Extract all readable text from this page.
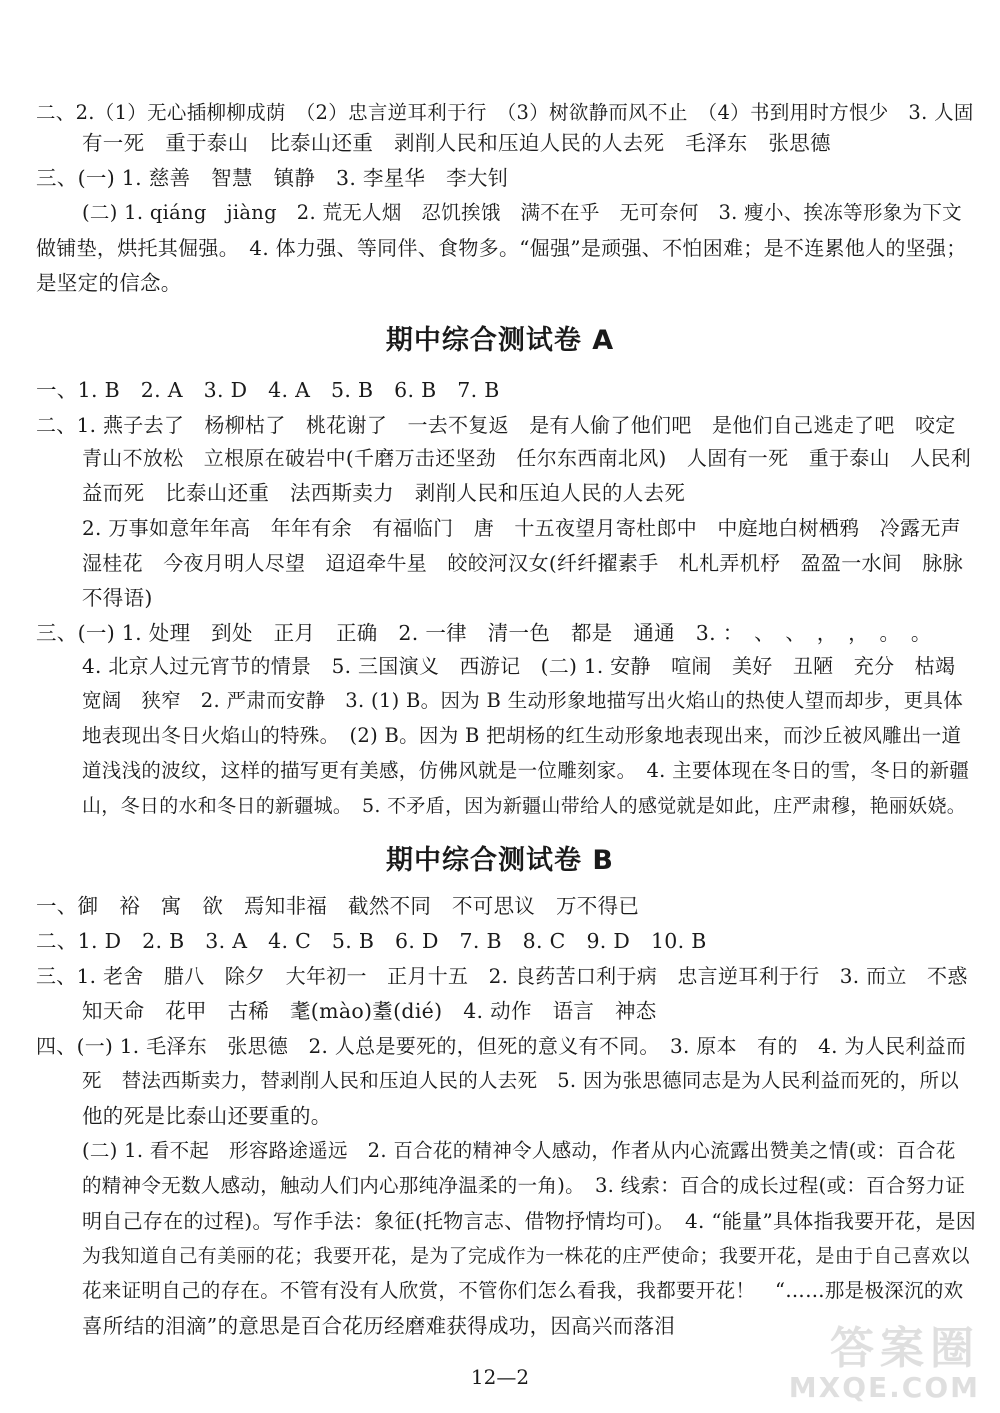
二、2.（1）无心插柳柳成荫　（2）忠言逆耳利于行　（3）树欲静而风不止　（4）书到用时方恨少　3. 人固
有一死　重于泰山　比泰山还重　剥削人民和压迫人民的人去死　毛泽东　张思德
三、(一) 1. 慈善　智慧　镇静　3. 李星华　李大钊
(二) 1. qiáng　jiàng　2. 荒无人烟　忍饥挨饿　满不在乎　无可奈何　3. 瘦小、挨冻等形象为下文
做铺垫，烘托其倔强。　4. 体力强、等同伴、食物多。“倔强”是顽强、不怕困难；是不连累他人的坚强；
是坚定的信念。
期中综合测试卷 A
一、1. B　2. A　3. D　4. A　5. B　6. B　7. B
二、1. 燕子去了　杨柳枯了　桃花谢了　一去不复返　是有人偷了他们吧　是他们自己逃走了吧　咬定
青山不放松　立根原在破岩中(千磨万击还坚劲　任尔东西南北风)　人固有一死　重于泰山　人民利
益而死　比泰山还重　法西斯卖力　剥削人民和压迫人民的人去死
2. 万事如意年年高　年年有余　有福临门　唐　十五夜望月寄杜郎中　中庭地白树栖鸦　冷露无声
湿桂花　今夜月明人尽望　迢迢牵牛星　皎皎河汉女(纤纤擢素手　札札弄机杼　盈盈一水间　脉脉
不得语)
三、(一) 1. 处理　到处　正月　正确　2. 一律　清一色　都是　通通　3. ：　、　、　，　，　。　。
4. 北京人过元宵节的情景　5. 三国演义　西游记　(二) 1. 安静　喧闹　美好　丑陋　充分　枯竭
宽阔　狭窄　2. 严肃而安静　3. (1) B。因为 B 生动形象地描写出火焰山的热使人望而却步，更具体
地表现出冬日火焰山的特殊。　(2) B。因为 B 把胡杨的红生动形象地表现出来，而沙丘被风雕出一道
道浅浅的波纹，这样的描写更有美感，仿佛风就是一位雕刻家。　4. 主要体现在冬日的雪，冬日的新疆
山，冬日的水和冬日的新疆城。　5. 不矛盾，因为新疆山带给人的感觉就是如此，庄严肃穆，艳丽妖娆。
期中综合测试卷 B
一、御　裕　寓　欲　焉知非福　截然不同　不可思议　万不得已
二、1. D　2. B　3. A　4. C　5. B　6. D　7. B　8. C　9. D　10. B
三、1. 老舍　腊八　除夕　大年初一　正月十五　2. 良药苦口利于病　忠言逆耳利于行　3. 而立　不惑
知天命　花甲　古稀　耄(mào)耋(dié)　4. 动作　语言　神态
四、(一) 1. 毛泽东　张思德　2. 人总是要死的，但死的意义有不同。　3. 原本　有的　4. 为人民利益而
死　替法西斯卖力，替剥削人民和压迫人民的人去死　5. 因为张思德同志是为人民利益而死的，所以
他的死是比泰山还要重的。
(二) 1. 看不起　形容路途遥远　2. 百合花的精神令人感动，作者从内心流露出赞美之情(或：百合花
的精神令无数人感动，触动人们内心那纯净温柔的一角)。　3. 线索：百合的成长过程(或：百合努力证
明自己存在的过程)。写作手法：象征(托物言志、借物抒情均可)。　4. “能量”具体指我要开花，是因
为我知道自己有美丽的花；我要开花，是为了完成作为一株花的庄严使命；我要开花，是由于自己喜欢以
花来证明自己的存在。不管有没有人欣赏，不管你们怎么看我，我都要开花！　“……那是极深沉的欢
喜所结的泪滴”的意思是百合花历经磨难获得成功，因高兴而落泪
12—2
答案圈
MXQE.COM
